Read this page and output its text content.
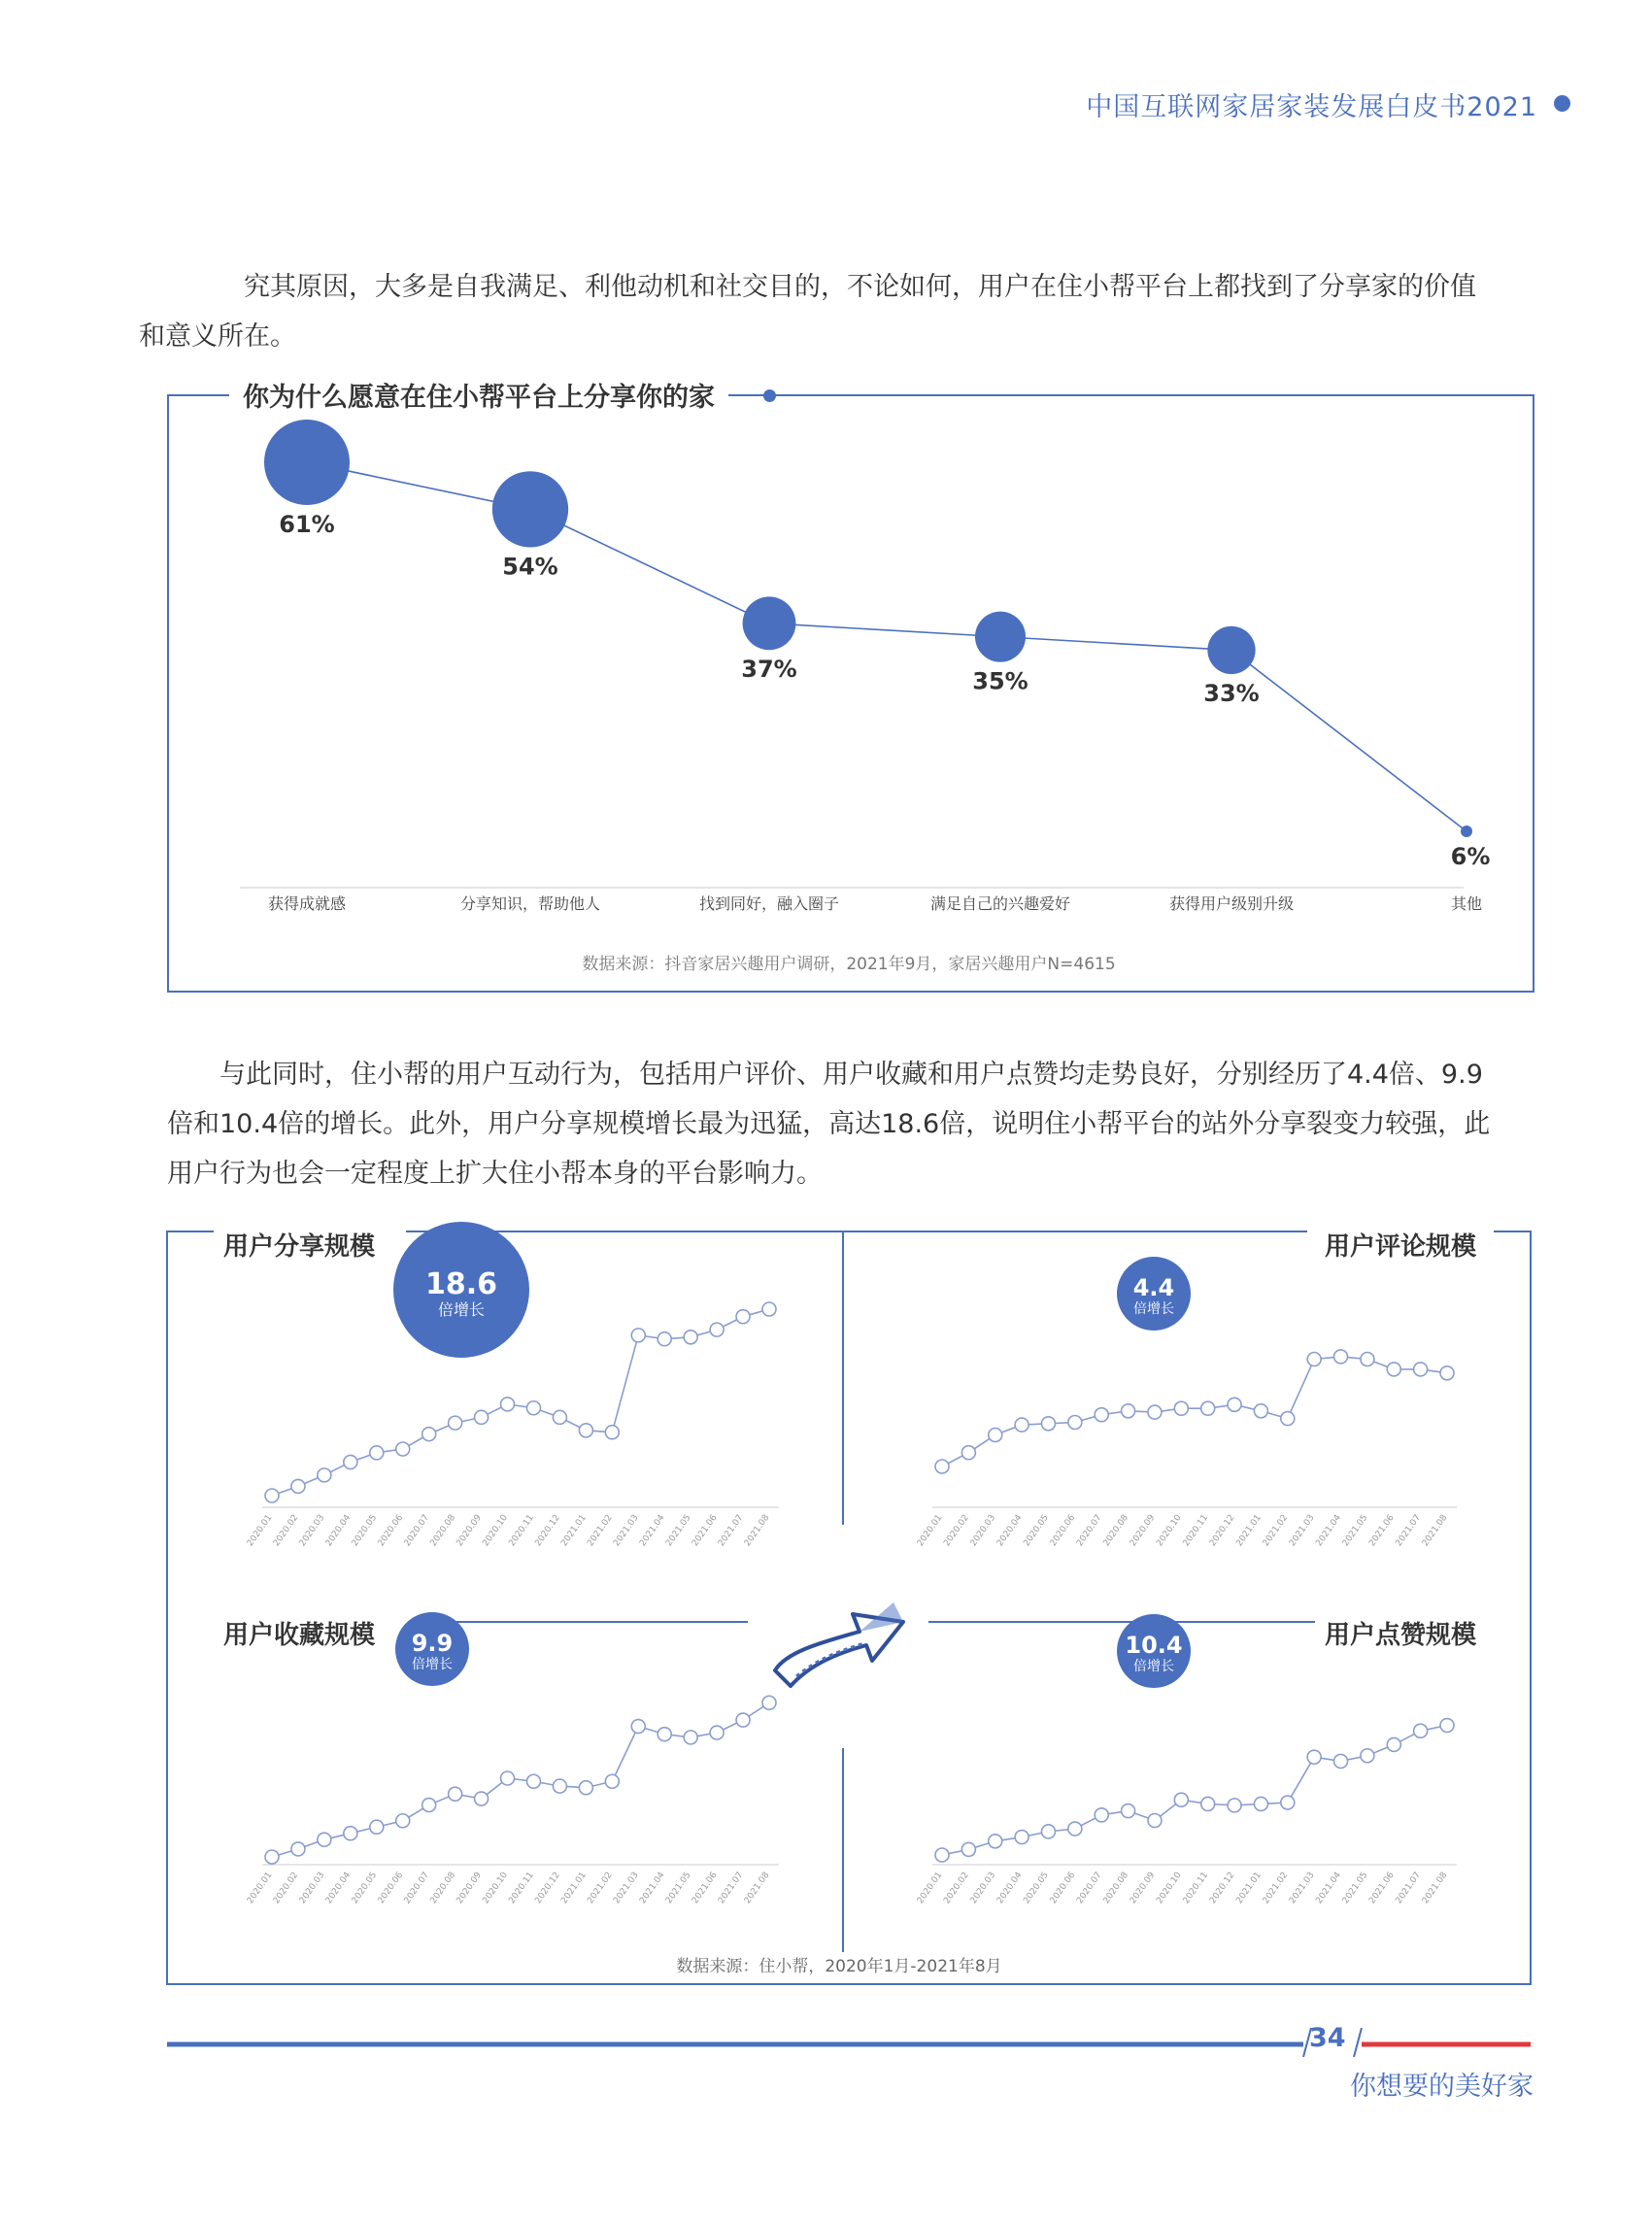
中国互联网家居家装发展白皮书2021

究其原因，大多是自我满足、利他动机和社交目的，不论如何，用户在住小帮平台上都找到了分享家的价值

和意义所在。

你为什么愿意在住小帮平台上分享你的家
61%
54%
37%	35%	33%
6%
获得成就感	分享知识，帮助他人	找到同好，融入圈子	满足自己的兴趣爱好	获得用户级别升级	其他
数据来源：抖音家居兴趣用户调研，2021年9月，家居兴趣用户N=4615

与此同时，住小帮的用户互动行为，包括用户评价、用户收藏和用户点赞均走势良好，分别经历了4.4倍、9.9

倍和10.4倍的增长。此外，用户分享规模增长最为迅猛，高达18.6倍，说明住小帮平台的站外分享裂变力较强，此

用户行为也会一定程度上扩大住小帮本身的平台影响力。

用户分享规模
2020.01
2020.02
2020.03
2020.04
2020.05
2020.06
2020.07
2020.08
2020.09
2020.10
2020.11
2020.12
2021.01
2021.02
2021.03
2021.04
2021.05
2021.06
2021.07
2021.08
18.6
倍增长
用户评论规模
2020.01
2020.02
2020.03
2020.04
2020.05
2020.06
2020.07
2020.08
2020.09
2020.10
2020.11
2020.12
2021.01
2021.02
2021.03
2021.04
2021.05
2021.06
2021.07
2021.08
4.4
倍增长
用户收藏规模
2020.01
2020.02
2020.03
2020.04
2020.05
2020.06
2020.07
2020.08
2020.09
2020.10
2020.11
2020.12
2021.01
2021.02
2021.03
2021.04
2021.05
2021.06
2021.07
2021.08
9.9
倍增长
用户点赞规模
2020.01
2020.02
2020.03
2020.04
2020.05
2020.06
2020.07
2020.08
2020.09
2020.10
2020.11
2020.12
2021.01
2021.02
2021.03
2021.04
2021.05
2021.06
2021.07
2021.08
10.4
倍增长
数据来源：住小帮，2020年1月-2021年8月
34
你想要的美好家
